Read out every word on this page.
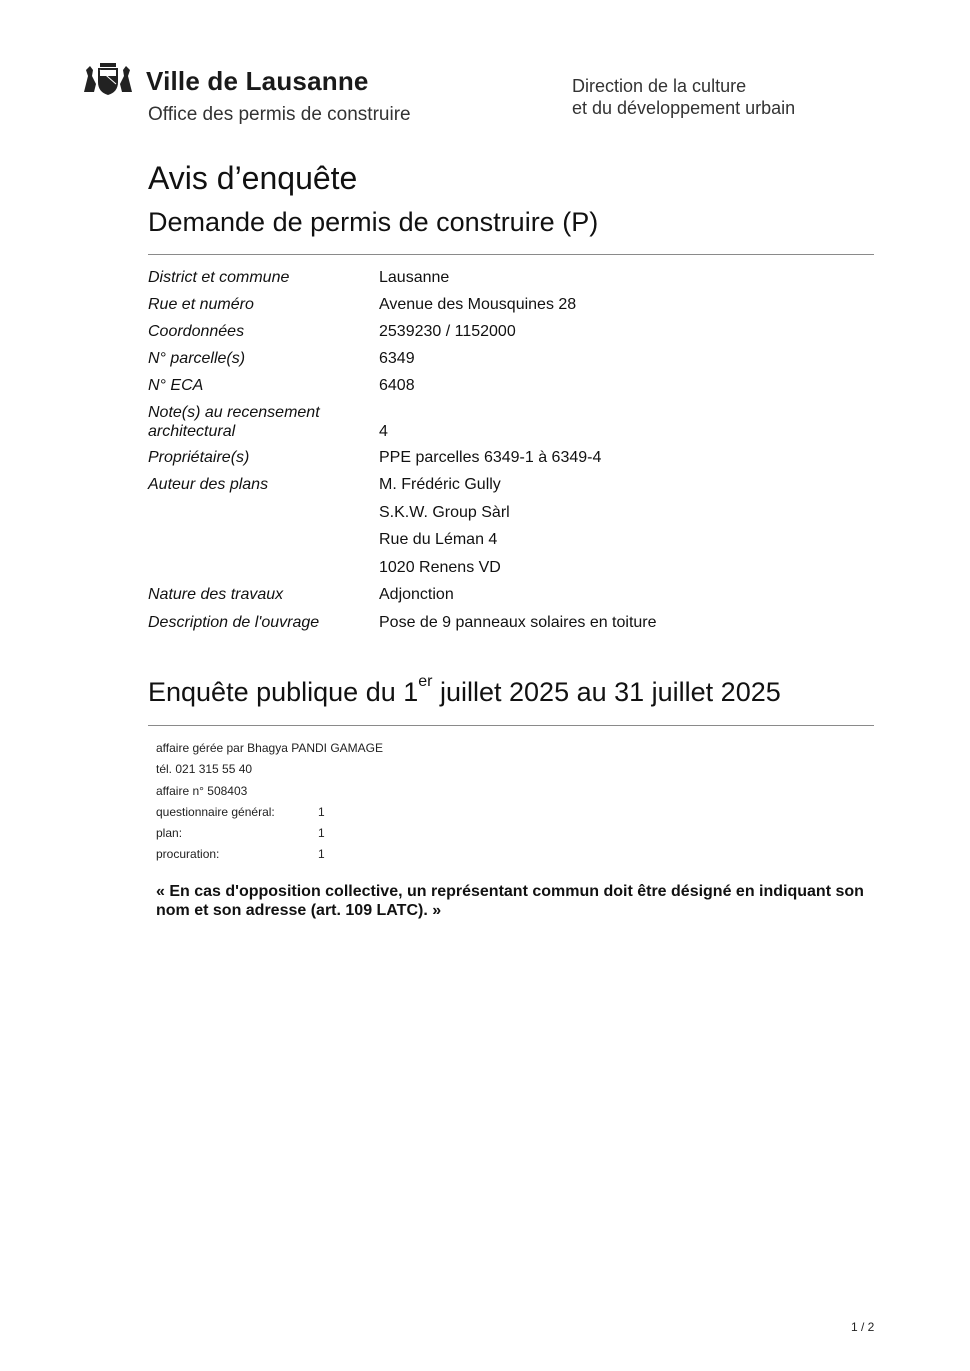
Ville de Lausanne
Office des permis de construire
Direction de la culture
et du développement urbain
Avis d’enquête
Demande de permis de construire (P)
District et commune	Lausanne
Rue et numéro	Avenue des Mousquines 28
Coordonnées	2539230 / 1152000
N° parcelle(s)	6349
N° ECA	6408
Note(s) au recensement
architectural	4
Propriétaire(s)	PPE parcelles 6349-1 à 6349-4
Auteur des plans	M. Frédéric Gully
S.K.W. Group Sàrl
Rue du Léman 4
1020 Renens VD
Nature des travaux	Adjonction
Description de l'ouvrage	Pose de 9 panneaux solaires en toiture
Enquête publique du 1er juillet 2025 au 31 juillet 2025
affaire gérée par Bhagya PANDI GAMAGE
tél. 021 315 55 40
affaire n° 508403
questionnaire général:	1
plan:	1
procuration:	1
« En cas d'opposition collective, un représentant commun doit être désigné en indiquant son nom et son adresse (art. 109 LATC). »
1 / 2
